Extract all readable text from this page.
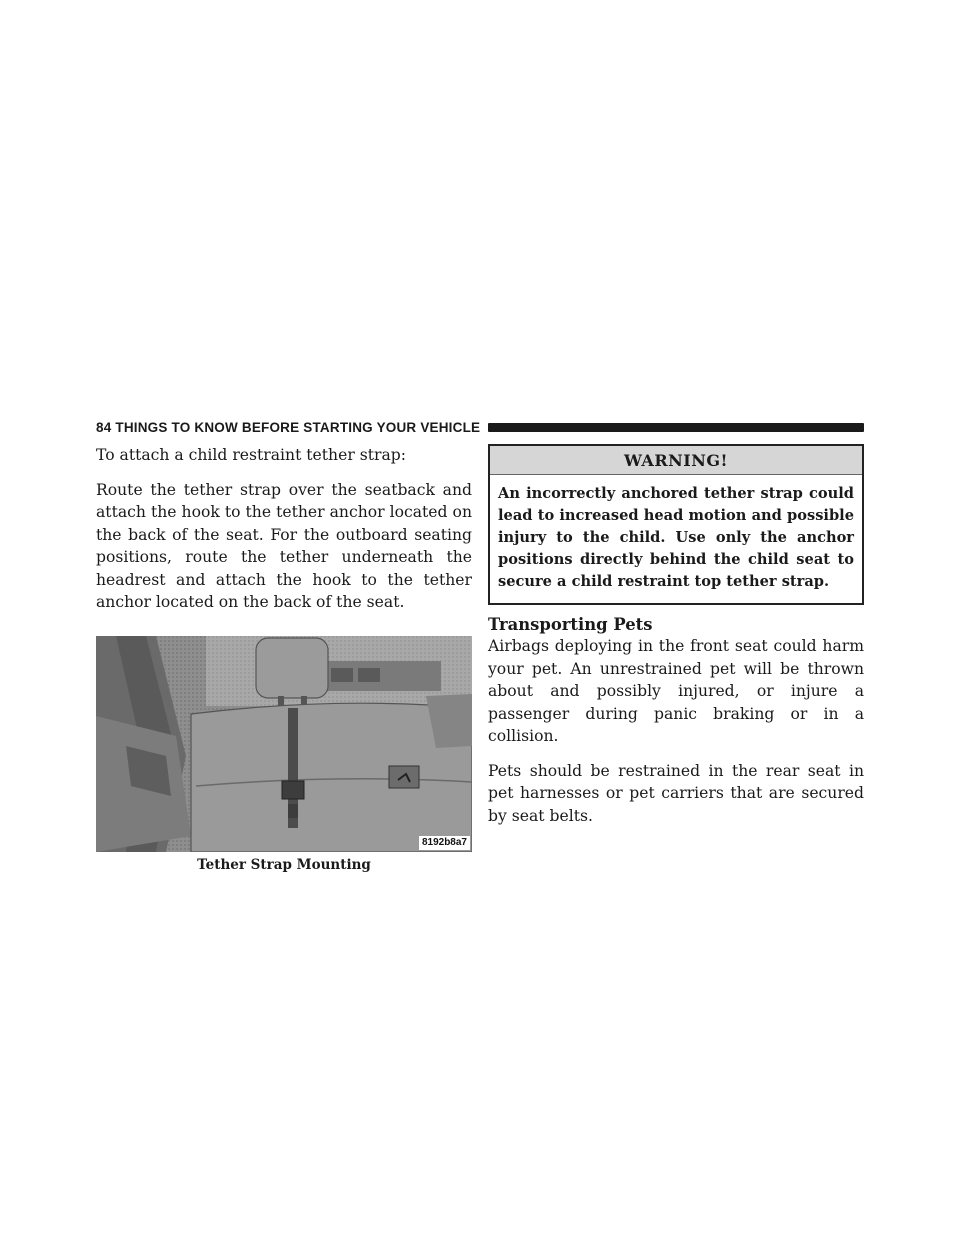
84 THINGS TO KNOW BEFORE STARTING YOUR VEHICLE

To attach a child restraint tether strap:

Route the tether strap over the seatback and attach the hook to the tether anchor located on the back of the seat. For the outboard seating positions, route the tether underneath the headrest and attach the hook to the tether anchor located on the back of the seat.

8192b8a7
Tether Strap Mounting
WARNING!
An incorrectly anchored tether strap could lead to increased head motion and possible injury to the child. Use only the anchor positions directly behind the child seat to secure a child restraint top tether strap.
Transporting Pets

Airbags deploying in the front seat could harm your pet. An unrestrained pet will be thrown about and possibly injured, or injure a passenger during panic braking or in a collision.

Pets should be restrained in the rear seat in pet harnesses or pet carriers that are secured by seat belts.
